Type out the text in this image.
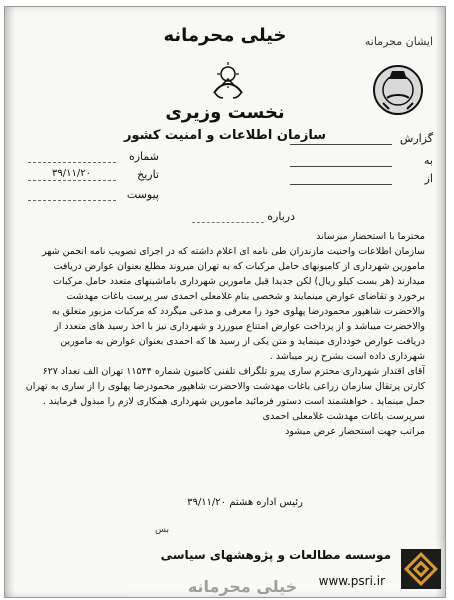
خیلی محرمانه	ایشان محرمانه
نخست وزیری
سازمان اطلاعات و امنیت کشور
شماره
تاریخ ۳۹/۱۱/۲۰
پیوست
گزارش
به
از
درباره

محترما با استحضار میرساند

سازمان اطلاعات واحنیت مازندران طی نامه ای اعلام داشته که در اجرای تصویب نامه انجمن شهر مامورین شهرداری از کامیونهای حامل مرکبات که به تهران میروند مطلع بعنوان عوارض دریافت میدارند (هر بست کیلو ریال) لکن جدیدا قبل مامورین شهرداری باماشینهای متعدد حامل مرکبات برخورد و تقاضای عوارض مینمایند و شخصی بنام غلامعلی احمدی سر پرست باغات مهدشت والاحضرت شاهپور محمودرضا پهلوی خود را معرفی و مدعی میگردد که مرکبات مزبور متعلق به والاحضرت میباشد و از پرداخت عوارض امتناع میورزد و شهرداری نیز با اخذ رسید های متعدد از دریافت عوارض خودداری مینماید و متن یکی از رسید ها که احمدی بعنوان عوارض به مامورین شهرداری داده است بشرح زیر میباشد .

آقای اقتدار شهرداری محترم ساری پیرو تلگراف تلفنی کامیون شماره ۱۱۵۴۴ تهران الف تعداد ۶۲۷ کارتن پرتقال سازمان زراعی باغات مهدشت والاحضرت شاهپور محمودرضا پهلوی را از ساری به تهران حمل مینماید . خواهشمند است دستور فرمائید مامورین شهرداری همکاری لازم را مبذول فرمایند .

سرپرست باغات مهدشت غلامعلی احمدی

مراتب جهت استحضار عرض میشود

رئیس اداره هشتم ۳۹/۱۱/۲۰
بس
خیلی محرمانه
موسسه مطالعات و پژوهشهای سیاسی
www.psri.ir
